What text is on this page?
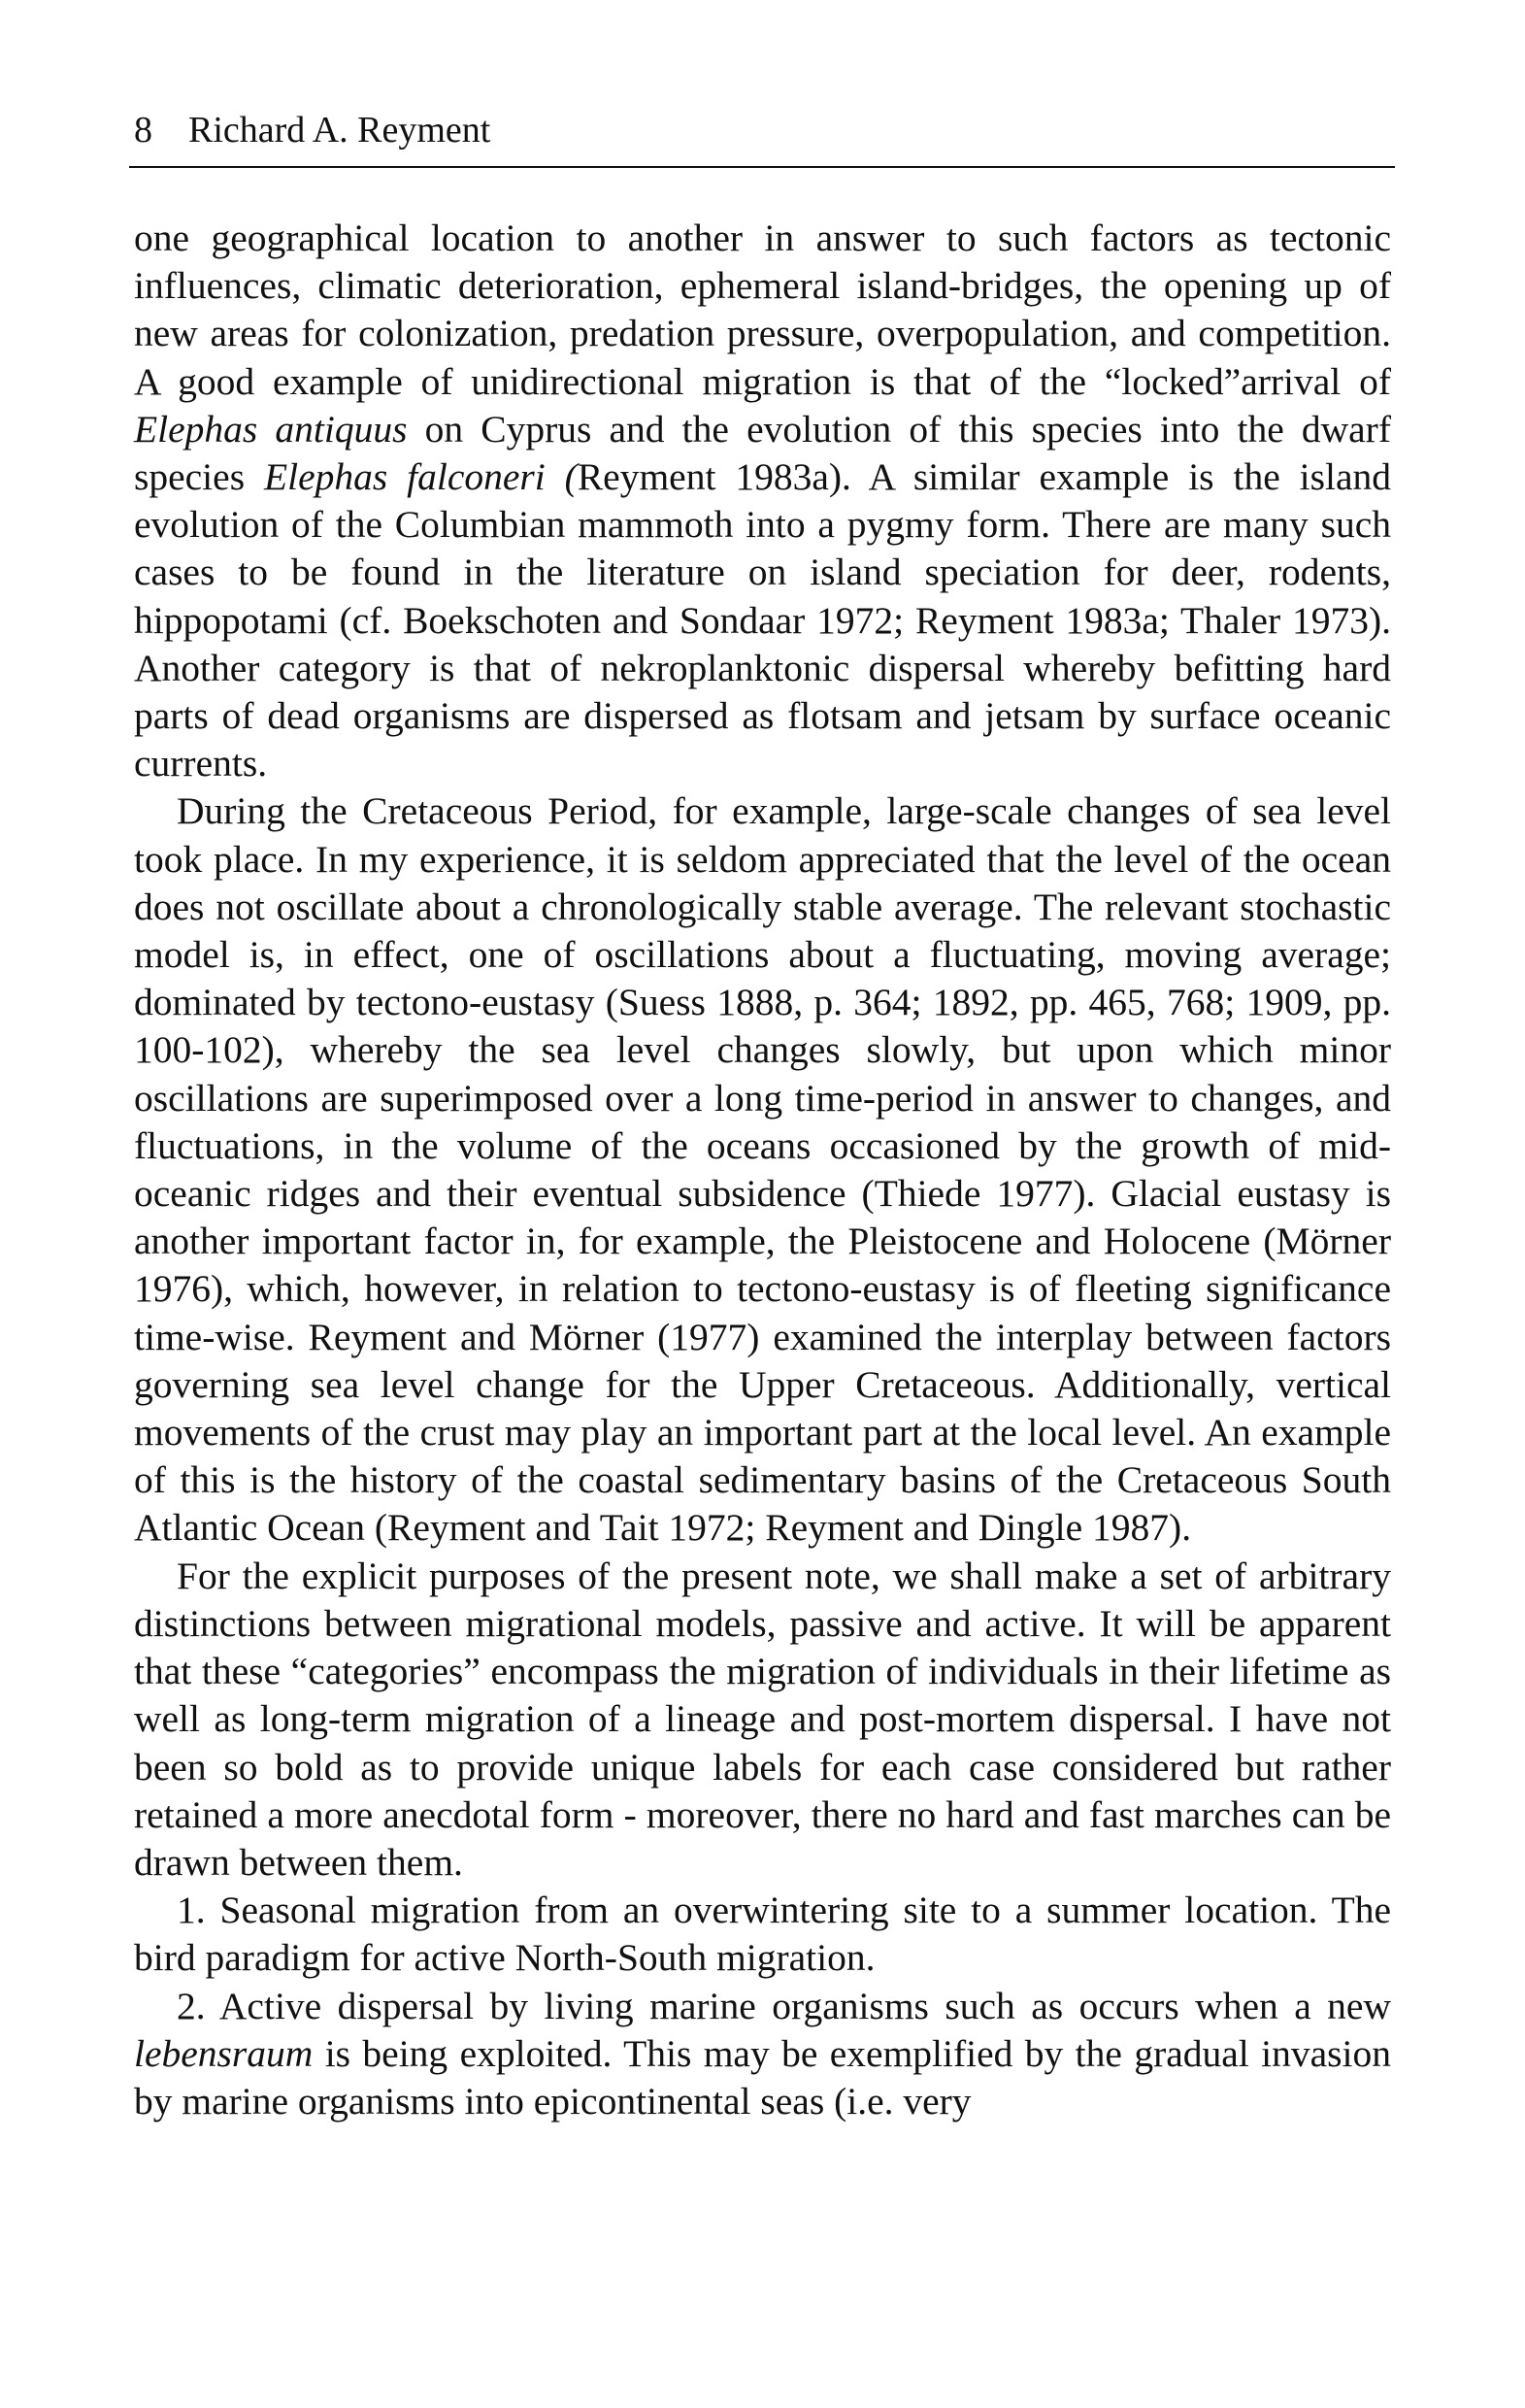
8 Richard A. Reyment

one geographical location to another in answer to such factors as tectonic influences, climatic deterioration, ephemeral island-bridges, the opening up of new areas for colonization, predation pressure, overpopulation, and competition. A good example of unidirectional migration is that of the “locked”arrival of Elephas antiquus on Cyprus and the evolution of this species into the dwarf species Elephas falconeri (Reyment 1983a). A similar example is the island evolution of the Columbian mammoth into a pygmy form. There are many such cases to be found in the literature on island speciation for deer, rodents, hippopotami (cf. Boekschoten and Sondaar 1972; Reyment 1983a; Thaler 1973). Another category is that of nekroplanktonic dispersal whereby befitting hard parts of dead organisms are dispersed as flotsam and jetsam by surface oceanic currents.

During the Cretaceous Period, for example, large-scale changes of sea level took place. In my experience, it is seldom appreciated that the level of the ocean does not oscillate about a chronologically stable average. The relevant stochastic model is, in effect, one of oscillations about a fluctuating, moving average; dominated by tectono-eustasy (Suess 1888, p. 364; 1892, pp. 465, 768; 1909, pp. 100-102), whereby the sea level changes slowly, but upon which minor oscillations are superimposed over a long time-period in answer to changes, and fluctuations, in the volume of the oceans occasioned by the growth of mid-oceanic ridges and their eventual subsidence (Thiede 1977). Glacial eustasy is another important factor in, for example, the Pleistocene and Holocene (Mörner 1976), which, however, in relation to tectono-eustasy is of fleeting significance time-wise. Reyment and Mörner (1977) examined the interplay between factors governing sea level change for the Upper Cretaceous. Additionally, vertical movements of the crust may play an important part at the local level. An example of this is the history of the coastal sedimentary basins of the Cretaceous South Atlantic Ocean (Reyment and Tait 1972; Reyment and Dingle 1987).

For the explicit purposes of the present note, we shall make a set of arbitrary distinctions between migrational models, passive and active. It will be apparent that these “categories” encompass the migration of individuals in their lifetime as well as long-term migration of a lineage and post-mortem dispersal. I have not been so bold as to provide unique labels for each case considered but rather retained a more anecdotal form - moreover, there no hard and fast marches can be drawn between them.

1. Seasonal migration from an overwintering site to a summer location. The bird paradigm for active North-South migration.

2. Active dispersal by living marine organisms such as occurs when a new lebensraum is being exploited. This may be exemplified by the gradual invasion by marine organisms into epicontinental seas (i.e. very
